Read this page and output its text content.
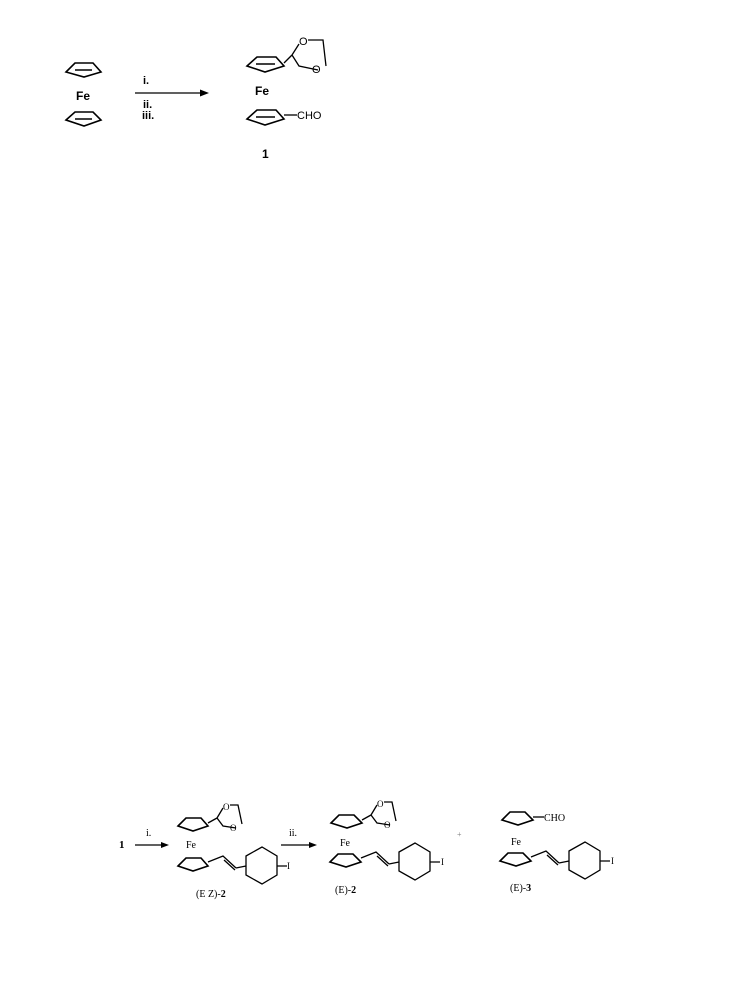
Fe
i.
ii.
iii.
O
O
Fe
CHO
1
1
i.
O
O
Fe
I
(E Z)-2
ii.
O
O
Fe
I
(E)-2
+
CHO
Fe
I
(E)-3
